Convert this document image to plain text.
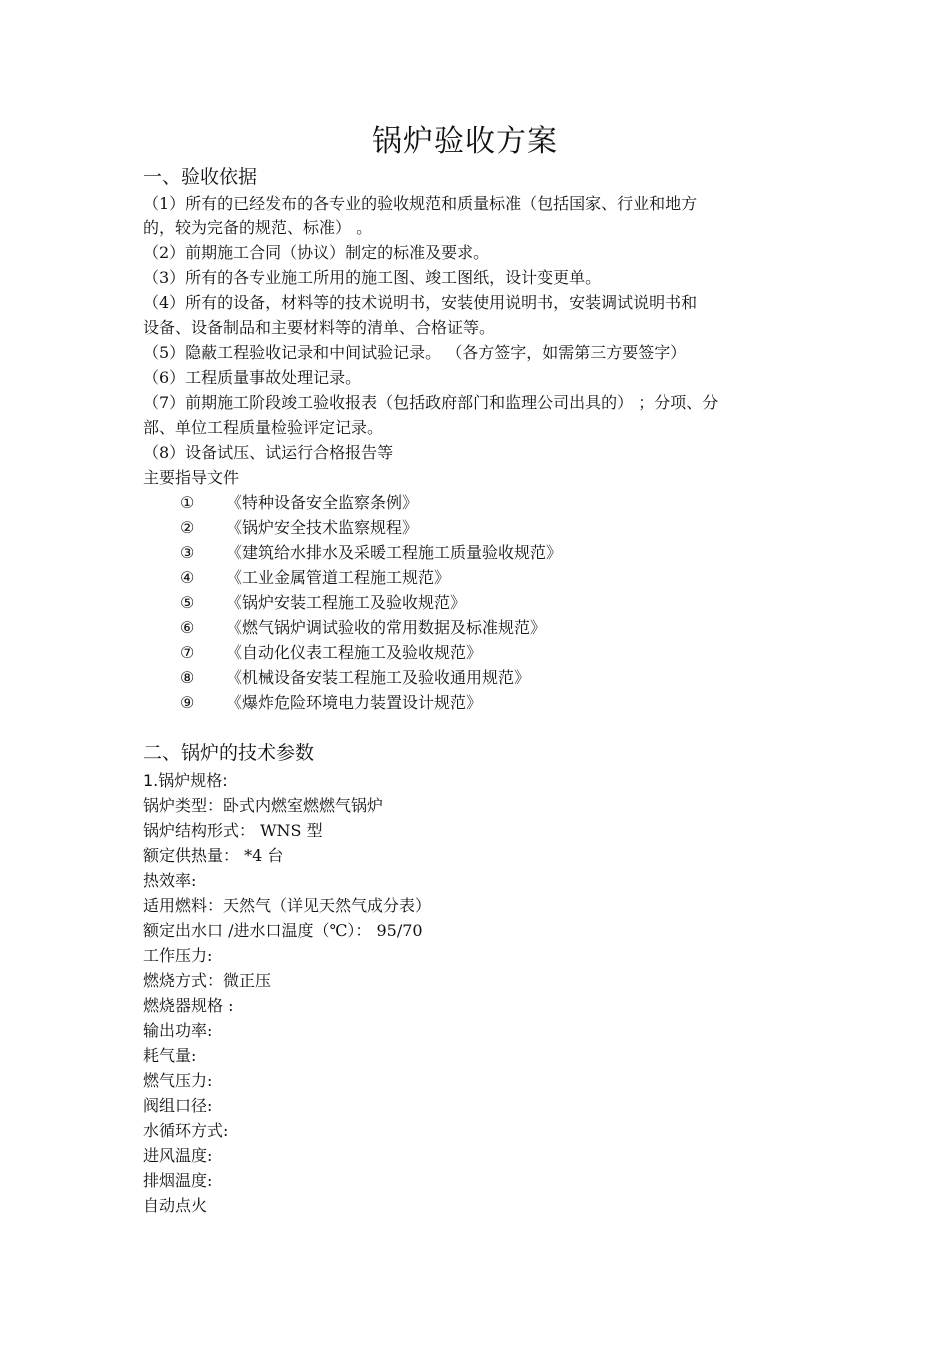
锅炉验收方案
一、验收依据
（1）所有的已经发布的各专业的验收规范和质量标准（包括国家、行业和地方
的，较为完备的规范、标准） 。
（2）前期施工合同（协议）制定的标准及要求。
（3）所有的各专业施工所用的施工图、竣工图纸，设计变更单。
（4）所有的设备，材料等的技术说明书，安装使用说明书，安装调试说明书和
设备、设备制品和主要材料等的清单、合格证等。
（5）隐蔽工程验收记录和中间试验记录。 （各方签字，如需第三方要签字）
（6）工程质量事故处理记录。
（7）前期施工阶段竣工验收报表（包括政府部门和监理公司出具的） ；分项、分
部、单位工程质量检验评定记录。
（8）设备试压、试运行合格报告等
主要指导文件
① 《特种设备安全监察条例》
② 《锅炉安全技术监察规程》
③ 《建筑给水排水及采暖工程施工质量验收规范》
④ 《工业金属管道工程施工规范》
⑤ 《锅炉安装工程施工及验收规范》
⑥ 《燃气锅炉调试验收的常用数据及标准规范》
⑦ 《自动化仪表工程施工及验收规范》
⑧ 《机械设备安装工程施工及验收通用规范》
⑨ 《爆炸危险环境电力装置设计规范》
二、锅炉的技术参数
1.锅炉规格:
锅炉类型：卧式内燃室燃燃气锅炉
锅炉结构形式： WNS 型
额定供热量： *4 台
热效率:
适用燃料：天然气（详见天然气成分表）
额定出水口 /进水口温度（℃）： 95/70
工作压力:
燃烧方式：微正压
燃烧器规格 :
输出功率:
耗气量:
燃气压力:
阀组口径:
水循环方式:
进风温度:
排烟温度:
自动点火
